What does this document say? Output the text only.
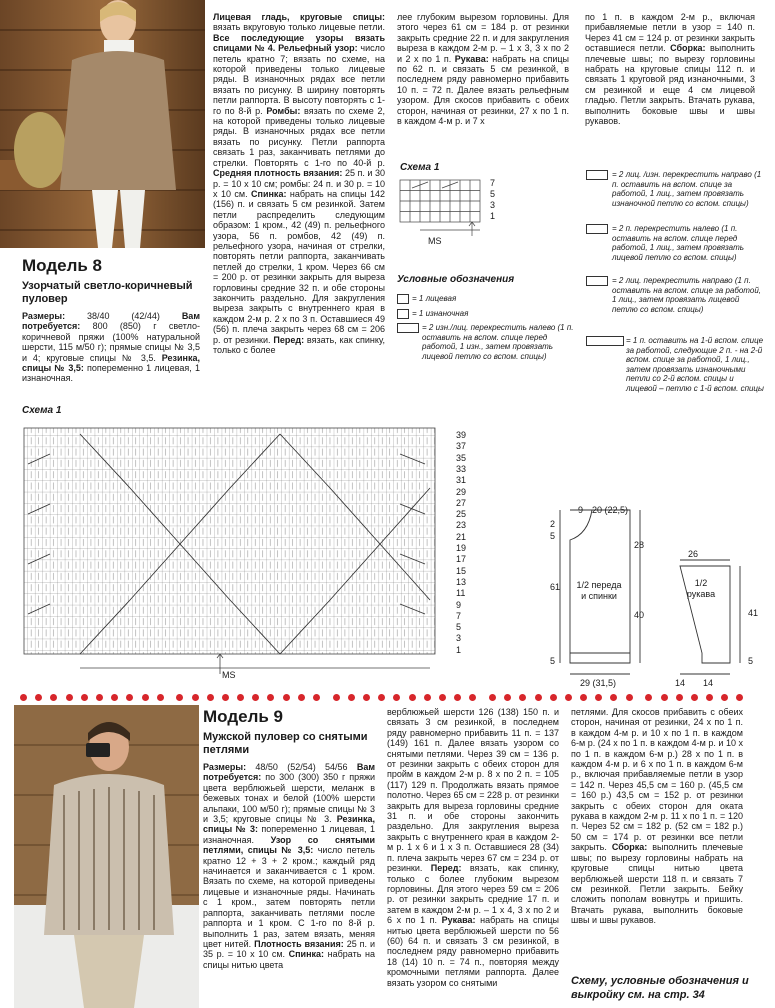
Модель 8
Узорчатый светло-коричневый пуловер
Размеры: 38/40 (42/44) Вам потребуется: 800 (850) г светло-коричневой пряжи (100% натуральной шерсти, 115 м/50 г); прямые спицы № 3,5 и 4; круговые спицы № 3,5. Резинка, спицы № 3,5: попеременно 1 лицевая, 1 изнаночная.
Лицевая гладь, круговые спицы: вязать вкруговую только лицевые петли. Все последующие узоры вязать спицами № 4. Рельефный узор: число петель кратно 7; вязать по схеме, на которой приведены только лицевые ряды. В изнаночных рядах все петли вязать по рисунку. В ширину повторять петли раппорта. В высоту повторять с 1-го по 8-й р. Ромбы: вязать по схеме 2, на которой приведены только лицевые ряды. В изнаночных рядах все петли вязать по рисунку. Петли раппорта связать 1 раз, заканчивать петлями до стрелки. Повторять с 1-го по 40-й р. Средняя плотность вязания: 25 п. и 30 р. = 10 х 10 см; ромбы: 24 п. и 30 р. = 10 х 10 см. Спинка: набрать на спицы 142 (156) п. и связать 5 см резинкой. Затем петли распределить следующим образом: 1 кром., 42 (49) п. рельефного узора, 56 п. ромбов, 42 (49) п. рельефного узора, начиная от стрелки, повторять петли раппорта, заканчивать петлей до стрелки, 1 кром. Через 66 см = 200 р. от резинки закрыть для выреза горловины средние 32 п. и обе стороны закончить раздельно. Для закругления выреза закрыть с внутреннего края в каждом 2-м р. 2 х по 3 п. Оставшиеся 49 (56) п. плеча закрыть через 68 см = 206 р. от резинки. Перед: вязать, как спинку, только с более
лее глубоким вырезом горловины. Для этого через 61 см = 184 р. от резинки закрыть средние 22 п. и для закругления выреза в каждом 2-м р. – 1 х 3, 3 х по 2 и 2 х по 1 п. Рукава: набрать на спицы по 62 п. и связать 5 см резинкой, в последнем ряду равномерно прибавить 10 п. = 72 п. Далее вязать рельефным узором. Для скосов прибавить с обеих сторон, начиная от резинки, 27 х по 1 п. в каждом 4-м р. и 7 х
по 1 п. в каждом 2-м р., включая прибавляемые петли в узор = 140 п. Через 41 см = 124 р. от резинки закрыть оставшиеся петли. Сборка: выполнить плечевые швы; по вырезу горловины набрать на круговые спицы 112 п. и связать 1 круговой ряд изнаночными, 3 см резинкой и еще 4 см лицевой гладью. Петли закрыть. Втачать рукава, выполнить боковые швы и швы рукавов.
Схема 1
7
5
3
1
MS
Условные обозначения
= 1 лицевая
= 1 изнаночная
= 2 изн./лиц. перекрестить налево (1 п. оставить на вспом. спице перед работой, 1 изн., затем провязать лицевой петлю со вспом. спицы)
= 2 лиц. /изн. перекрестить направо (1 п. оставить на вспом. спице за работой, 1 лиц., затем провязать изнаночной петлю со вспом. спицы)
= 2 п. перекрестить налево (1 п. оставить на вспом. спице перед работой, 1 лиц., затем провязать лицевой петлю со вспом. спицы)
= 2 лиц. перекрестить направо (1 п. оставить на вспом. спице за работой, 1 лиц., затем провязать лицевой петлю со вспом. спицы)
= 1 п. оставить на 1-й вспом. спице за работой, следующие 2 п. - на 2-й вспом. спице за работой, 1 лиц., затем провязать изнаночными петли со 2-й вспом. спицы и лицевой – петлю с 1-й вспом. спицы
Схема 1
39
37
35
33
31
29
27
25
23
21
19
17
15
13
11
9
7
5
3
1
MS
1/2 переда и спинки
1/2 рукава
9 20 (22,5)
2
5
28
61
40
5
29 (31,5)
26
41
5
14 14

Модель 9
Мужской пуловер со снятыми петлями
Размеры: 48/50 (52/54) 54/56 Вам потребуется: по 300 (300) 350 г пряжи цвета верблюжьей шерсти, меланж в бежевых тонах и белой (100% шерсти альпаки, 100 м/50 г); прямые спицы № 3 и 3,5; круговые спицы № 3. Резинка, спицы № 3: попеременно 1 лицевая, 1 изнаночная. Узор со снятыми петлями, спицы № 3,5: число петель кратно 12 + 3 + 2 кром.; каждый ряд начинается и заканчивается с 1 кром. Вязать по схеме, на которой приведены лицевые и изнаночные ряды. Начинать с 1 кром., затем повторять петли раппорта, заканчивать петлями после раппорта и 1 кром. С 1-го по 8-й р. выполнить 1 раз, затем вязать, меняя цвет нитей. Плотность вязания: 25 п. и 35 р. = 10 х 10 см. Спинка: набрать на спицы нитью цвета
верблюжьей шерсти 126 (138) 150 п. и связать 3 см резинкой, в последнем ряду равномерно прибавить 11 п. = 137 (149) 161 п. Далее вязать узором со снятыми петлями. Через 39 см = 136 р. от резинки закрыть с обеих сторон для пройм в каждом 2-м р. 8 х по 2 п. = 105 (117) 129 п. Продолжать вязать прямое полотно. Через 65 см = 228 р. от резинки закрыть для выреза горловины средние 31 п. и обе стороны закончить раздельно. Для закругления выреза закрыть с внутреннего края в каждом 2-м р. 1 х 6 и 1 х 3 п. Оставшиеся 28 (34) п. плеча закрыть через 67 см = 234 р. от резинки. Перед: вязать, как спинку, только с более глубоким вырезом горловины. Для этого через 59 см = 206 р. от резинки закрыть средние 17 п. и затем в каждом 2-м р. – 1 х 4, 3 х по 2 и 6 х по 1 п. Рукава: набрать на спицы нитью цвета верблюжьей шерсти по 56 (60) 64 п. и связать 3 см резинкой, в последнем ряду равномерно прибавить 18 (14) 10 п. = 74 п., повторяя между кромочными петлями раппорта. Далее вязать узором со снятыми
петлями. Для скосов прибавить с обеих сторон, начиная от резинки, 24 х по 1 п. в каждом 4-м р. и 10 х по 1 п. в каждом 6-м р. (24 х по 1 п. в каждом 4-м р. и 10 х по 1 п. в каждом 6-м р.) 28 х по 1 п. в каждом 4-м р. и 6 х по 1 п. в каждом 6-м р., включая прибавляемые петли в узор = 142 п. Через 45,5 см = 160 р. (45,5 см = 160 р.) 43,5 см = 152 р. от резинки закрыть с обеих сторон для оката рукава в каждом 2-м р. 11 х по 1 п. = 120 п. Через 52 см = 182 р. (52 см = 182 р.) 50 см = 174 р. от резинки все петли закрыть. Сборка: выполнить плечевые швы; по вырезу горловины набрать на круговые спицы нитью цвета верблюжьей шерсти 118 п. и связать 7 см резинкой. Петли закрыть. Бейку сложить пополам вовнутрь и пришить. Втачать рукава, выполнить боковые швы и швы рукавов.
Схему, условные обозначения и выкройку см. на стр. 34
